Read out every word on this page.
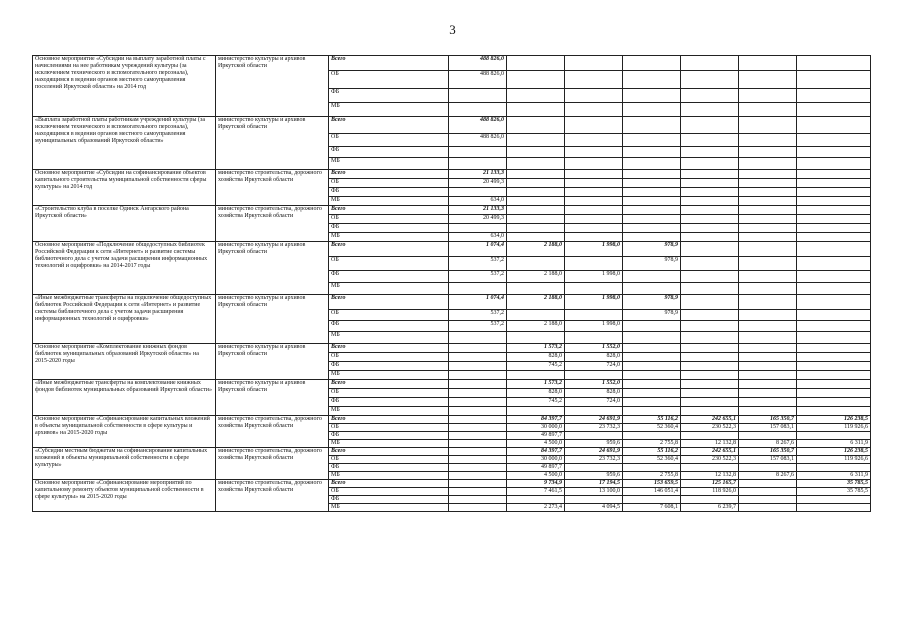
3
Основное мероприятие «Субсидии на выплату заработной платы с начислениями на нее работникам учреждений культуры (за исключением технического и вспомогательного персонала), находящимся в ведении органов местного самоуправления поселений Иркутской области» на 2014 год	министерство культуры и архивов Иркутской области	Всего	488 826,0						
		ОБ	488 826,0						
		ФБ							
		МБ							
«Выплата заработной платы работникам учреждений культуры (за исключением технического и вспомогательного персонала), находящимся в ведении органов местного самоуправления муниципальных образований Иркутской области»	министерство культуры и архивов Иркутской области	Всего	488 826,0						
		ОБ	488 826,0						
		ФБ							
		МБ							
Основное мероприятие «Субсидии на софинансирование объектов капитального строительства муниципальной собственности сферы культуры» на 2014 год	министерство строительства, дорожного хозяйства Иркутской области	Всего	21 133,3						
		ОБ	20 499,3						
		ФБ							
		МБ	634,0						
«Строительство клуба в поселке Одинск Ангарского района Иркутской области»	министерство строительства, дорожного хозяйства Иркутской области	Всего	21 133,3						
		ОБ	20 499,3						
		ФБ							
		МБ	634,0						
Основное мероприятие «Подключение общедоступных библиотек Российской Федерации к сети «Интернет» и развитие системы библиотечного дела с учетом задачи расширения информационных технологий и оцифровки» на 2014-2017 годы	министерство культуры и архивов Иркутской области	Всего	1 074,4	2 188,0	1 998,0	978,9			
		ОБ	537,2			978,9			
		ФБ	537,2	2 188,0	1 998,0				
		МБ							
«Иные межбюджетные трансферты на подключение общедоступных библиотек Российской Федерации к сети «Интернет» и развитие системы библиотечного дела с учетом задачи расширения информационных технологий и оцифровки»	министерство культуры и архивов Иркутской области	Всего	1 074,4	2 188,0	1 998,0	978,9			
		ОБ	537,2			978,9			
		ФБ	537,2	2 188,0	1 998,0				
		МБ							
Основное мероприятие «Комплектование книжных фондов библиотек муниципальных образований Иркутской области» на 2015-2020 годы	министерство культуры и архивов Иркутской области	Всего		1 573,2	1 552,0				
		ОБ		828,0	828,0				
		ФБ		745,2	724,0				
		МБ							
«Иные межбюджетные трансферты на комплектование книжных фондов библиотек муниципальных образований Иркутской области»	министерство культуры и архивов Иркутской области	Всего		1 573,2	1 552,0				
		ОБ		828,0	828,0				
		ФБ		745,2	724,0				
		МБ							
Основное мероприятие «Софинансирование капитальных вложений в объекты муниципальной собственности в сфере культуры и архивов» на 2015-2020 годы	министерство строительства, дорожного хозяйства Иркутской области	Всего		84 397,7	24 691,9	55 116,2	242 655,1	165 350,7	126 238,5
		ОБ		30 000,0	23 732,3	52 360,4	230 522,3	157 083,1	119 926,6
		ФБ		49 897,7					
		МБ		4 500,0	959,6	2 755,8	12 132,8	8 267,6	6 311,9
«Субсидии местным бюджетам на софинансирование капитальных вложений в объекты муниципальной собственности в сфере культуры»	министерство строительства, дорожного хозяйства Иркутской области	Всего		84 397,7	24 691,9	55 116,2	242 655,1	165 350,7	126 238,5
		ОБ		30 000,0	23 732,3	52 360,4	230 522,3	157 083,1	119 926,6
		ФБ		49 897,7					
		МБ		4 500,0	959,6	2 755,8	12 132,8	8 267,6	6 311,9
Основное мероприятие «Софинансирование мероприятий по капитальному ремонту объектов муниципальной собственности в сфере культуры» на 2015-2020 годы	министерство строительства, дорожного хозяйства Иркутской области	Всего		9 734,9	17 194,5	153 659,5	125 165,7		35 785,5
		ОБ		7 461,5	13 100,0	146 051,4	118 926,0		35 785,5
		ФБ							
		МБ		2 273,4	4 094,5	7 608,1	6 239,7		
